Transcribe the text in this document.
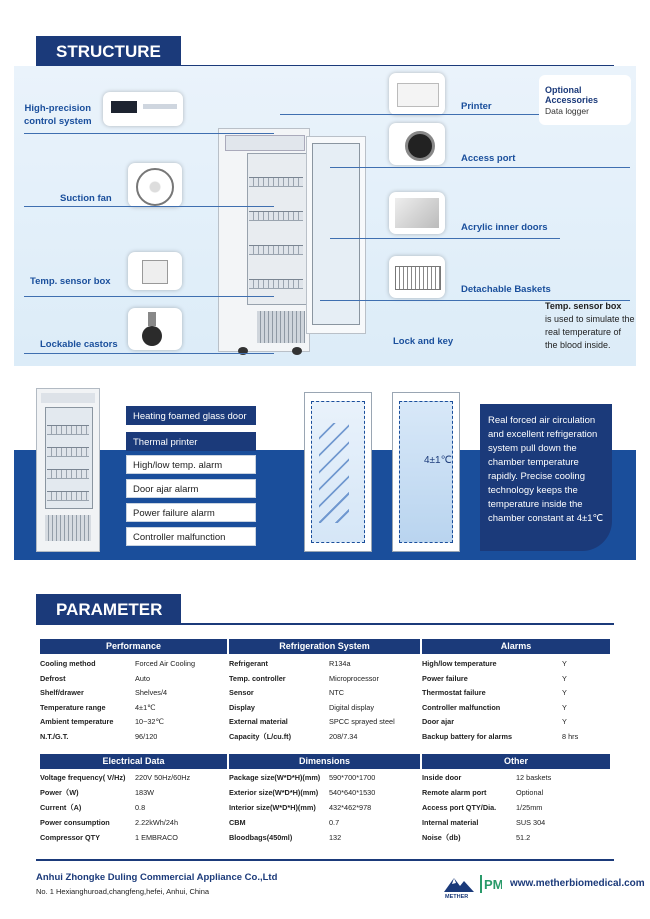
STRUCTURE
High-precision
control system
Suction fan
Temp. sensor box
Lockable castors
Printer
Access port
Acrylic inner doors
Detachable Baskets
Lock and key
Optional Accessories
Data logger
Temp. sensor box
is used to simulate the real temperature of the blood inside.
Heating foamed glass door
Thermal printer
High/low temp. alarm
Door ajar alarm
Power failure alarm
Controller malfunction
4±1℃
Real forced air circulation and excellent refrigeration system pull down the chamber temperature rapidly. Precise cooling technology keeps the temperature inside the chamber constant at 4±1℃
PARAMETER
Performance
Cooling method	Forced Air Cooling
Defrost	Auto
Shelf/drawer	Shelves/4
Temperature range	4±1℃
Ambient temperature	10~32℃
N.T./G.T.	96/120
Refrigeration System
Refrigerant	R134a
Temp. controller	Microprocessor
Sensor	NTC
Display	Digital display
External material	SPCC sprayed steel
Capacity（L/cu.ft)	208/7.34
Alarms
High/low temperature	Y
Power failure	Y
Thermostat failure	Y
Controller malfunction	Y
Door ajar	Y
Backup battery for alarms	8 hrs
Electrical Data
Voltage frequency( V/Hz) 220V 50Hz/60Hz
Power（W)	183W
Current（A)	0.8
Power consumption	2.22kWh/24h
Compressor QTY	1 EMBRACO
Dimensions
Package size(W*D*H)(mm) 590*700*1700
Exterior size(W*D*H)(mm) 540*640*1530
Interior size(W*D*H)(mm) 432*462*978
CBM	0.7
Bloodbags(450ml)	132
Other
Inside door	12 baskets
Remote alarm port	Optional
Access port QTY/Dia.	1/25mm
Internal material	SUS 304
Noise（db)	51.2
Anhui Zhongke Duling Commercial Appliance Co.,Ltd
No. 1 Hexianghuroad,changfeng,hefei, Anhui, China
METHER
PM www.metherbiomedical.com
